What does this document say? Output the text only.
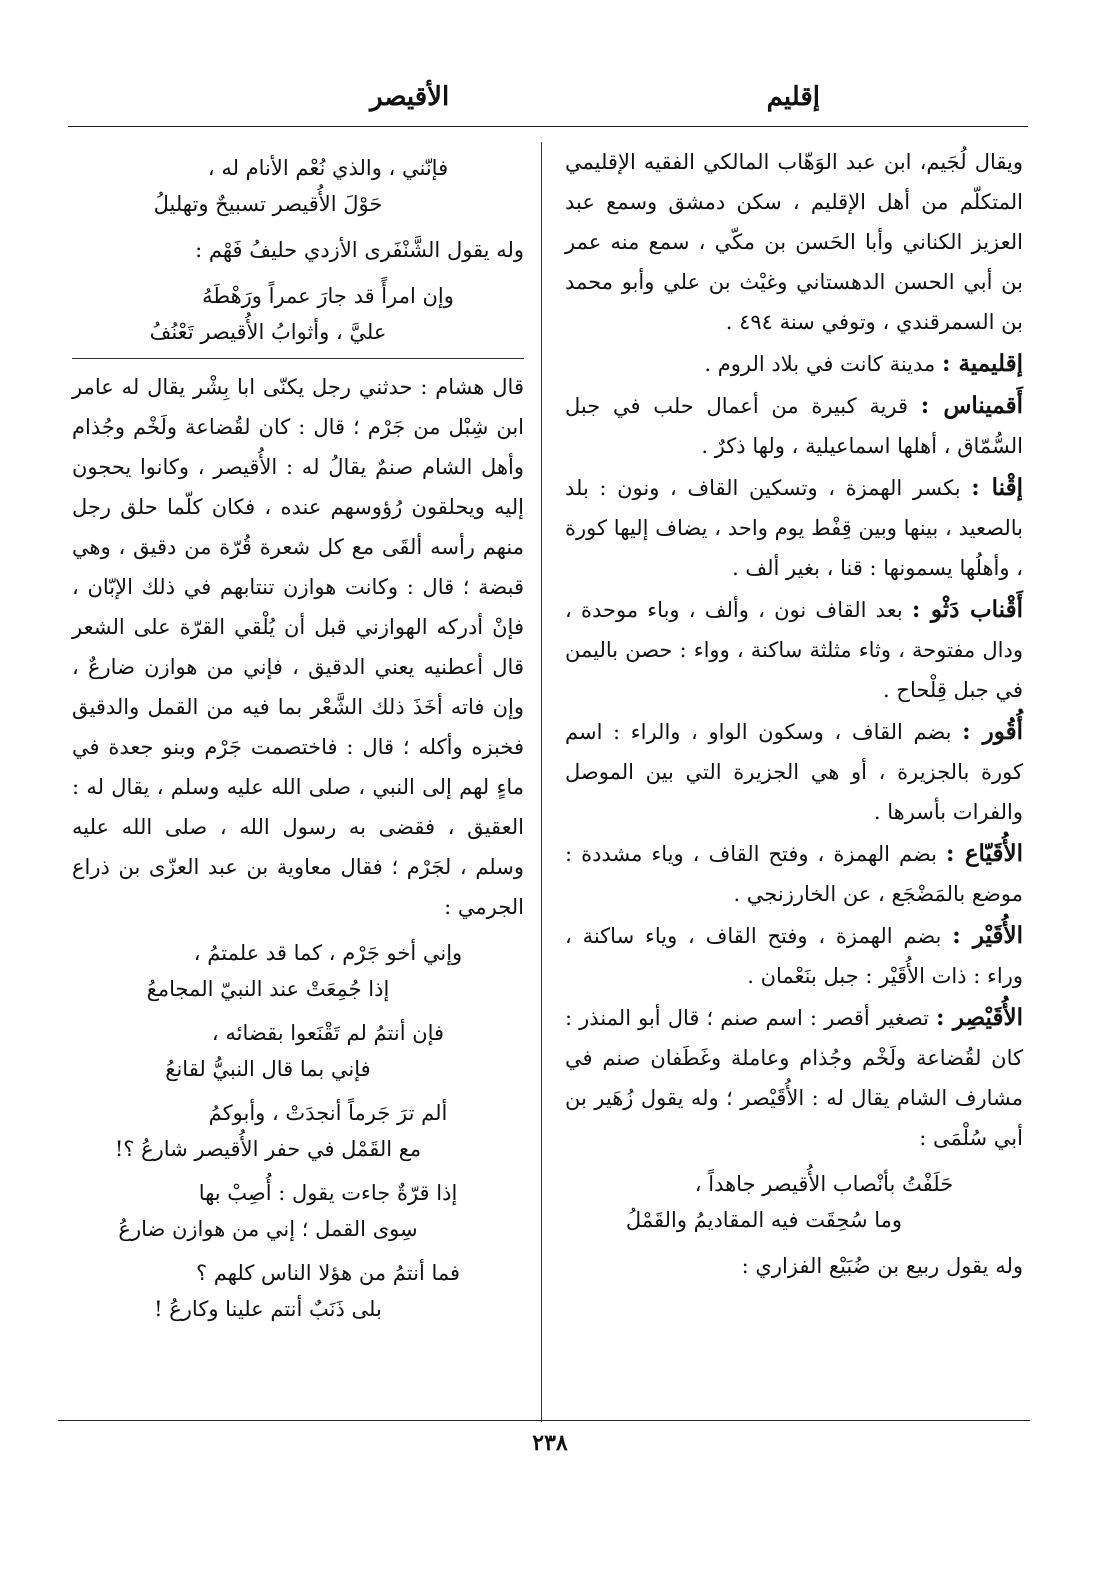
إقليم
الأقيصر

ويقال لُجَيم، ابن عبد الوَهّاب المالكي الفقيه الإقليمي المتكلّم من أهل الإقليم ، سكن دمشق وسمع عبد العزيز الكناني وأبا الحَسن بن مكّي ، سمع منه عمر بن أبي الحسن الدهستاني وغيْث بن علي وأبو محمد بن السمرقندي ، وتوفي سنة ٤٩٤ .

إقليمية : مدينة كانت في بلاد الروم .

أَقميناس : قرية كبيرة من أعمال حلب في جبل السُّمّاق ، أهلها اسماعيلية ، ولها ذكرٌ .

إقْنا : بكسر الهمزة ، وتسكين القاف ، ونون : بلد بالصعيد ، بينها وبين قِفْط يوم واحد ، يضاف إليها كورة ، وأهلُها يسمونها : قنا ، بغير ألف .

أَقْناب دَثْو : بعد القاف نون ، وألف ، وباء موحدة ، ودال مفتوحة ، وثاء مثلثة ساكنة ، وواء : حصن باليمن في جبل قِلْحاح .

أُقُور : بضم القاف ، وسكون الواو ، والراء : اسم كورة بالجزيرة ، أو هي الجزيرة التي بين الموصل والفرات بأسرها .

الأُقَيّاع : بضم الهمزة ، وفتح القاف ، وياء مشددة : موضع بالمَضْجَع ، عن الخارزنجي .

الأُقَيْر : بضم الهمزة ، وفتح القاف ، وياء ساكنة ، وراء : ذات الأُقَيْر : جبل بنَعْمان .

الأُقَيْصِر : تصغير أقصر : اسم صنم ؛ قال أبو المنذر : كان لقُضاعة ولَخْم وجُذام وعاملة وغَطَفان صنم في مشارف الشام يقال له : الأُقَيْصر ؛ وله يقول زُهَير بن أبي سُلْمَى :

حَلَفْتُ بأنْصاب الأُقيصر جاهداً ،
وما سُحِقَت فيه المقاديمُ والقَمْلُ

وله يقول ربيع بن ضُبَيْع الفزاري :

فإنّني ، والذي نُعْم الأنام له ،
حَوْلَ الأُقيصر تسبيحٌ وتهليلُ

وله يقول الشَّنْفَرى الأزدي حليفُ فَهْم :

وإن امرأً قد جارَ عمراً ورَهْطَهُ
عليَّ ، وأثوابُ الأُقيصر تَعْنُفُ

قال هشام : حدثني رجل يكنّى ابا بِشْر يقال له عامر ابن شِبْل من جَرْم ؛ قال : كان لقُضاعة ولَخْم وجُذام وأهل الشام صنمٌ يقالُ له : الأُقيصر ، وكانوا يحجون إليه ويحلقون رُؤوسهم عنده ، فكان كلّما حلق رجل منهم رأسه ألقَى مع كل شعرة قُرّة من دقيق ، وهي قبضة ؛ قال : وكانت هوازن تنتابهم في ذلك الإبّان ، فإنْ أدركه الهوازني قبل أن يُلْقي القرّة على الشعر قال أعطنيه يعني الدقيق ، فإني من هوازن ضارعٌ ، وإن فاته أخَذَ ذلك الشَّعْر بما فيه من القمل والدقيق فخبزه وأكله ؛ قال : فاختصمت جَرْم وبنو جعدة في ماءٍ لهم إلى النبي ، صلى الله عليه وسلم ، يقال له : العقيق ، فقضى به رسول الله ، صلى الله عليه وسلم ، لجَرْم ؛ فقال معاوية بن عبد العزّى بن ذراع الجرمي :

وإني أخو جَرْم ، كما قد علمتمُ ،
إذا جُمِعَتْ عند النبيّ المجامعُ
فإن أنتمُ لم تَقْنَعوا بقضائه ،
فإني بما قال النبيُّ لقانعُ
ألم ترَ جَرماً أنجدَتْ ، وأبوكمُ
مع القَمْل في حفر الأُقيصر شارعُ ؟!
إذا قرّةٌ جاءت يقول : أُصِبْ بها
سِوى القمل ؛ إني من هوازن ضارعُ
فما أنتمُ من هؤلا الناس كلهم ؟
بلى ذَنَبٌ أنتم علينا وكارعُ !
٢٣٨
